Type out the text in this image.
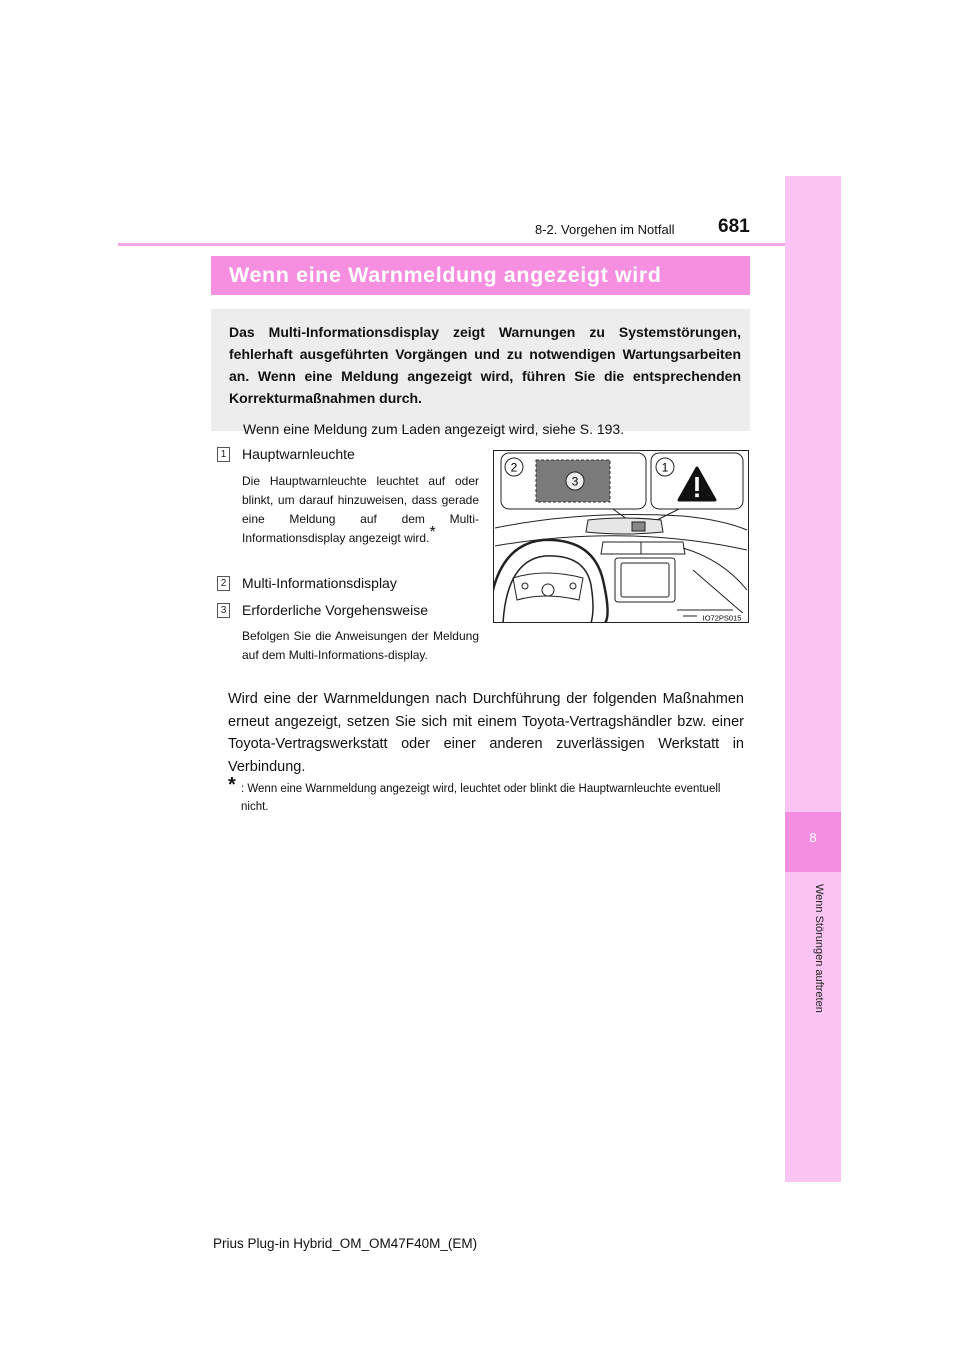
8-2. Vorgehen im Notfall 681
8
Wenn Störungen auftreten
Wenn eine Warnmeldung angezeigt wird

Das Multi-Informationsdisplay zeigt Warnungen zu Systemstörungen, fehlerhaft ausgeführten Vorgängen und zu notwendigen Wartungsarbeiten an. Wenn eine Meldung angezeigt wird, führen Sie die entsprechenden Korrekturmaßnahmen durch.

Wenn eine Meldung zum Laden angezeigt wird, siehe S. 193.
1 Hauptwarnleuchte
Die Hauptwarnleuchte leuchtet auf oder blinkt, um darauf hinzuweisen, dass gerade eine Meldung auf dem Multi-Informationsdisplay angezeigt wird.*
2 Multi-Informationsdisplay
3 Erforderliche Vorgehensweise
Befolgen Sie die Anweisungen der Meldung auf dem Multi-Informations-display.
3
2	1
IO72PS015

Wird eine der Warnmeldungen nach Durchführung der folgenden Maßnahmen erneut angezeigt, setzen Sie sich mit einem Toyota-Vertragshändler bzw. einer Toyota-Vertragswerkstatt oder einer anderen zuverlässigen Werkstatt in Verbindung.

* : Wenn eine Warnmeldung angezeigt wird, leuchtet oder blinkt die Hauptwarnleuchte eventuell nicht.
Prius Plug-in Hybrid_OM_OM47F40M_(EM)
